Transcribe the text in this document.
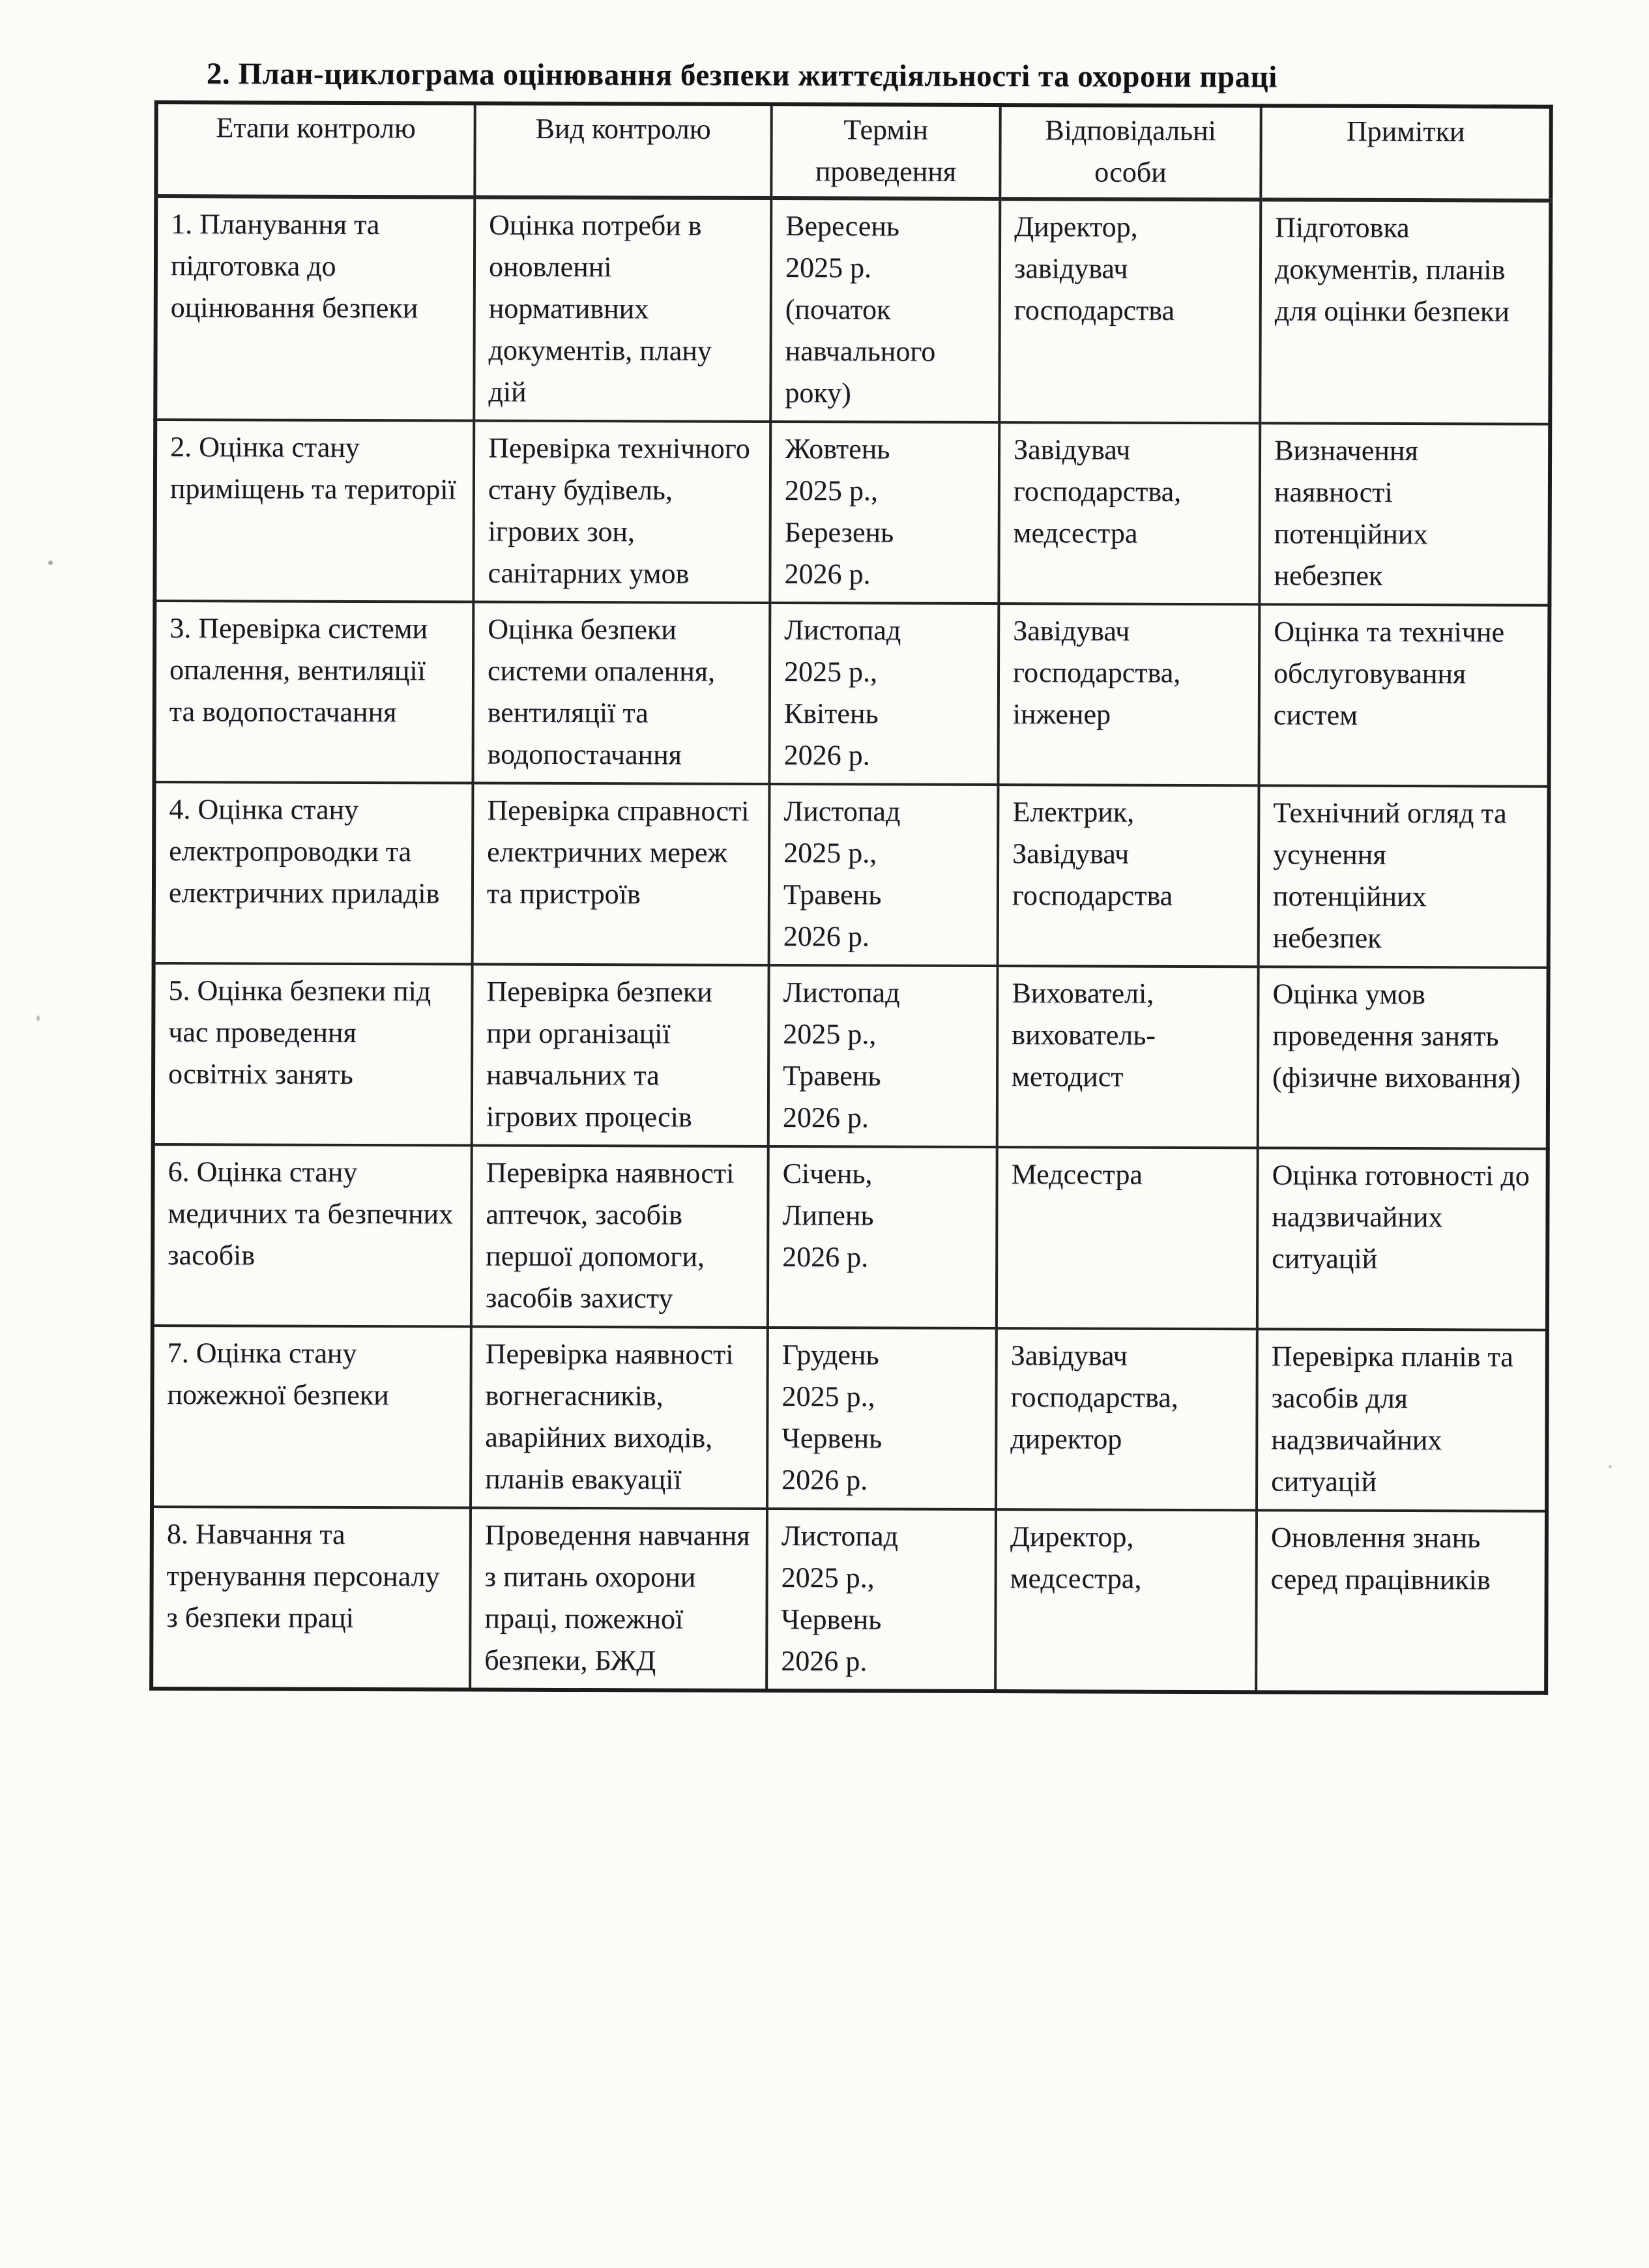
2. План-циклограма оцінювання безпеки життєдіяльності та охорони праці
Етапи контролю	Вид контролю	Термін проведення	Відповідальні особи	Примітки
1. Планування та підготовка до оцінювання безпеки	Оцінка потреби в оновленні нормативних документів, плану дій	Вересень
2025 р.
(початок
навчального
року)	Директор, завідувач господарства	Підготовка документів, планів для оцінки безпеки
2. Оцінка стану приміщень та території	Перевірка технічного стану будівель, ігрових зон, санітарних умов	Жовтень
2025 р.,
Березень
2026 р.	Завідувач господарства, медсестра	Визначення наявності потенційних небезпек
3. Перевірка системи опалення, вентиляції та водопостачання	Оцінка безпеки системи опалення, вентиляції та водопостачання	Листопад
2025 р.,
Квітень
2026 р.	Завідувач господарства, інженер	Оцінка та технічне обслуговування систем
4. Оцінка стану електропроводки та електричних приладів	Перевірка справності електричних мереж та пристроїв	Листопад
2025 р.,
Травень
2026 р.	Електрик, Завідувач господарства	Технічний огляд та усунення потенційних небезпек
5. Оцінка безпеки під час проведення освітніх занять	Перевірка безпеки при організації навчальних та ігрових процесів	Листопад
2025 р.,
Травень
2026 р.	Вихователі, вихователь-методист	Оцінка умов проведення занять (фізичне виховання)
6. Оцінка стану медичних та безпечних засобів	Перевірка наявності аптечок, засобів першої допомоги, засобів захисту	Січень,
Липень
2026 р.	Медсестра	Оцінка готовності до надзвичайних ситуацій
7. Оцінка стану пожежної безпеки	Перевірка наявності вогнегасників, аварійних виходів, планів евакуації	Грудень
2025 р.,
Червень
2026 р.	Завідувач господарства, директор	Перевірка планів та засобів для надзвичайних ситуацій
8. Навчання та тренування персоналу з безпеки праці	Проведення навчання з питань охорони праці, пожежної безпеки, БЖД	Листопад
2025 р.,
Червень
2026 р.	Директор, медсестра,	Оновлення знань серед працівників
